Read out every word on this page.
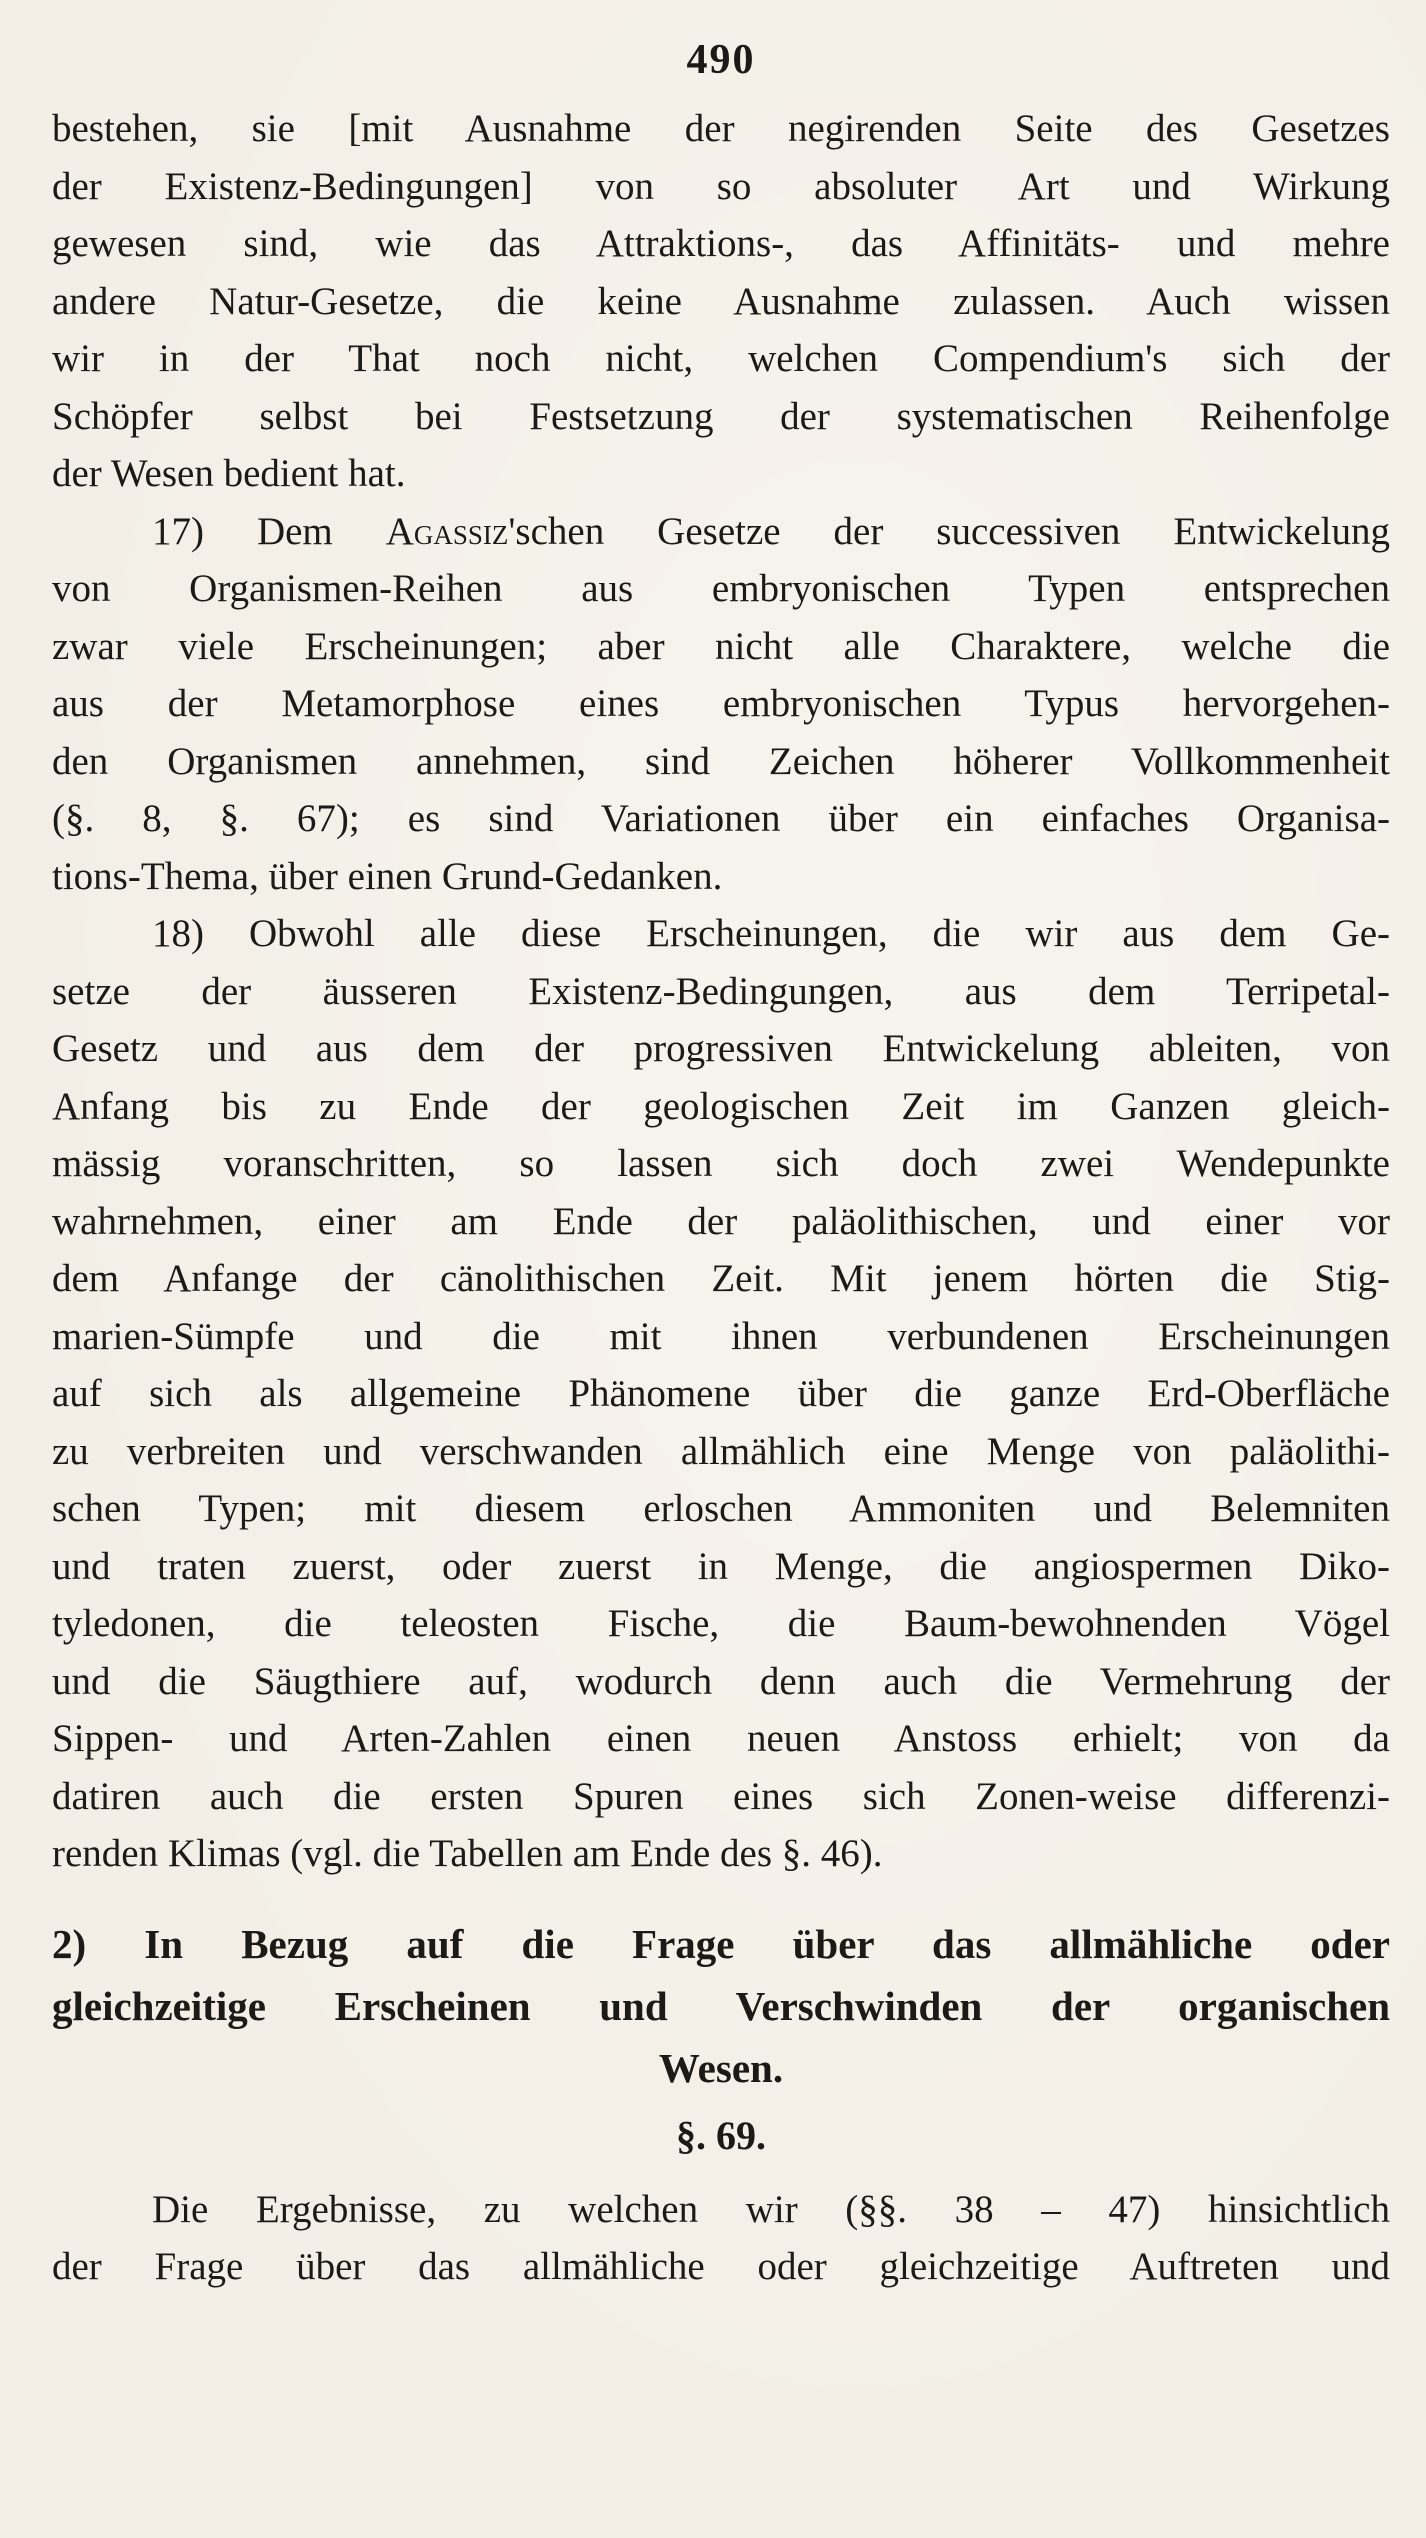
490
bestehen, sie [mit Ausnahme der negirenden Seite des Gesetzes
der Existenz-Bedingungen] von so absoluter Art und Wirkung
gewesen sind, wie das Attraktions-, das Affinitäts- und mehre
andere Natur-Gesetze, die keine Ausnahme zulassen. Auch wissen
wir in der That noch nicht, welchen Compendium's sich der
Schöpfer selbst bei Festsetzung der systematischen Reihenfolge
der Wesen bedient hat.
17) Dem Agassiz'schen Gesetze der successiven Entwickelung
von Organismen-Reihen aus embryonischen Typen entsprechen
zwar viele Erscheinungen; aber nicht alle Charaktere, welche die
aus der Metamorphose eines embryonischen Typus hervorgehen-
den Organismen annehmen, sind Zeichen höherer Vollkommenheit
(§. 8, §. 67); es sind Variationen über ein einfaches Organisa-
tions-Thema, über einen Grund-Gedanken.
18) Obwohl alle diese Erscheinungen, die wir aus dem Ge-
setze der äusseren Existenz-Bedingungen, aus dem Terripetal-
Gesetz und aus dem der progressiven Entwickelung ableiten, von
Anfang bis zu Ende der geologischen Zeit im Ganzen gleich-
mässig voranschritten, so lassen sich doch zwei Wendepunkte
wahrnehmen, einer am Ende der paläolithischen, und einer vor
dem Anfange der cänolithischen Zeit. Mit jenem hörten die Stig-
marien-Sümpfe und die mit ihnen verbundenen Erscheinungen
auf sich als allgemeine Phänomene über die ganze Erd-Oberfläche
zu verbreiten und verschwanden allmählich eine Menge von paläolithi-
schen Typen; mit diesem erloschen Ammoniten und Belemniten
und traten zuerst, oder zuerst in Menge, die angiospermen Diko-
tyledonen, die teleosten Fische, die Baum-bewohnenden Vögel
und die Säugthiere auf, wodurch denn auch die Vermehrung der
Sippen- und Arten-Zahlen einen neuen Anstoss erhielt; von da
datiren auch die ersten Spuren eines sich Zonen-weise differenzi-
renden Klimas (vgl. die Tabellen am Ende des §. 46).
2) In Bezug auf die Frage über das allmähliche oder
gleichzeitige Erscheinen und Verschwinden der organischen
Wesen.
§. 69.
Die Ergebnisse, zu welchen wir (§§. 38 – 47) hinsichtlich
der Frage über das allmähliche oder gleichzeitige Auftreten und
